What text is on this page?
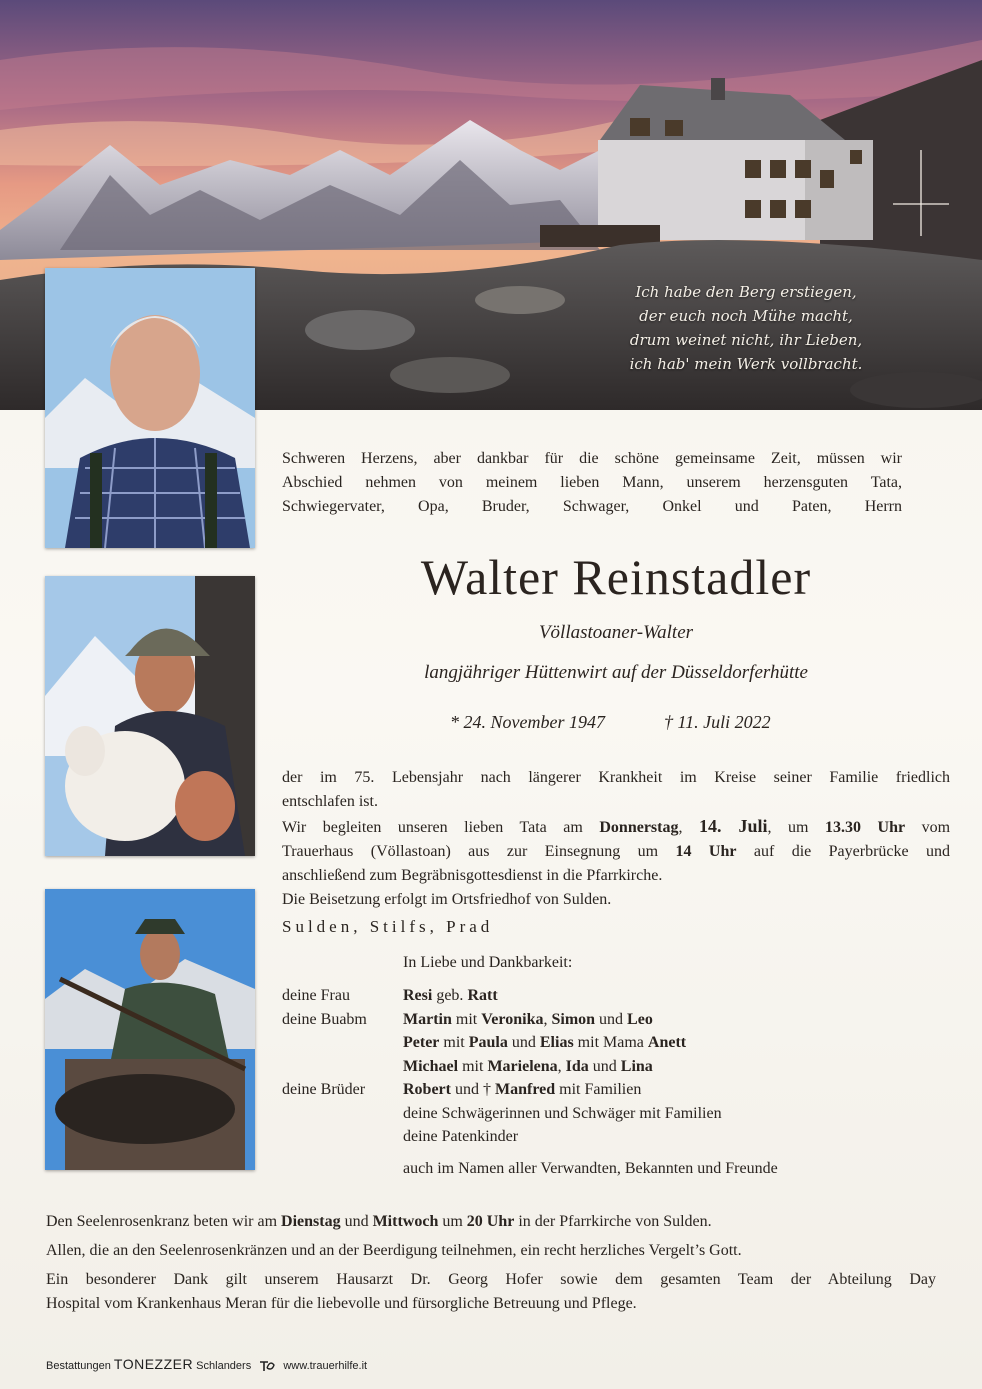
Ich habe den Berg erstiegen,
der euch noch Mühe macht,
drum weinet nicht, ihr Lieben,
ich hab' mein Werk vollbracht.
Schweren Herzens, aber dankbar für die schöne gemeinsame Zeit, müssen wir
Abschied nehmen von meinem lieben Mann, unserem herzensguten Tata,
Schwiegervater, Opa, Bruder, Schwager, Onkel und Paten, Herrn
Walter Reinstadler
Völlastoaner-Walter
langjähriger Hüttenwirt auf der Düsseldorferhütte
* 24. November 1947	† 11. Juli 2022
der im 75. Lebensjahr nach längerer Krankheit im Kreise seiner Familie friedlich
entschlafen ist.
Wir begleiten unseren lieben Tata am Donnerstag, 14. Juli, um 13.30 Uhr vom
Trauerhaus (Völlastoan) aus zur Einsegnung um 14 Uhr auf die Payerbrücke und
anschließend zum Begräbnisgottesdienst in die Pfarrkirche.
Die Beisetzung erfolgt im Ortsfriedhof von Sulden.
Sulden, Stilfs, Prad
In Liebe und Dankbarkeit:
deine Frau
deine Buabm

deine Brüder
Resi geb. Ratt
Martin mit Veronika, Simon und Leo
Peter mit Paula und Elias mit Mama Anett
Michael mit Marielena, Ida und Lina
Robert und † Manfred mit Familien
deine Schwägerinnen und Schwäger mit Familien
deine Patenkinder
auch im Namen aller Verwandten, Bekannten und Freunde
Den Seelenrosenkranz beten wir am Dienstag und Mittwoch um 20 Uhr in der Pfarrkirche von Sulden.
Allen, die an den Seelenrosenkränzen und an der Beerdigung teilnehmen, ein recht herzliches Vergelt’s Gott.
Ein besonderer Dank gilt unserem Hausarzt Dr. Georg Hofer sowie dem gesamten Team der Abteilung Day
Hospital vom Krankenhaus Meran für die liebevolle und fürsorgliche Betreuung und Pflege.
Bestattungen TONEZZER Schlanders	www.trauerhilfe.it
